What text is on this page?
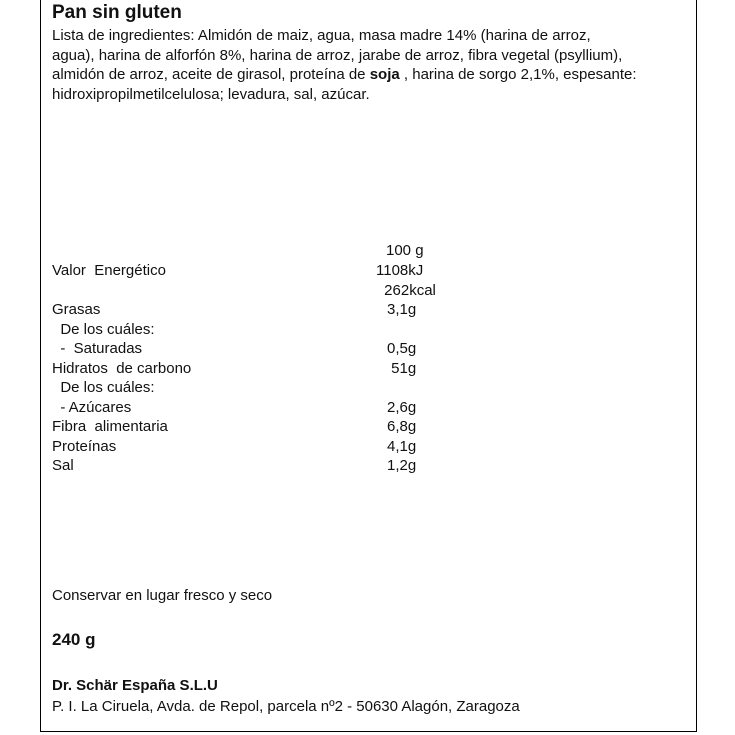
Pan sin gluten
Lista de ingredientes: Almidón de maiz, agua, masa madre 14% (harina de arroz, agua), harina de alforfón 8%, harina de arroz, jarabe de arroz, fibra vegetal (psyllium), almidón de arroz, aceite de girasol, proteína de soja , harina de sorgo 2,1%, espesante: hidroxipropilmetilcelulosa; levadura, sal, azúcar.
100 g
Valor  Energético	1108kJ
262kcal
Grasas	3,1g
De los cuáles:
-  Saturadas	0,5g
Hidratos  de carbono	51g
De los cuáles:
- Azúcares	2,6g
Fibra  alimentaria	6,8g
Proteínas	4,1g
Sal	1,2g
Conservar en lugar fresco y seco
240 g
Dr. Schär España S.L.U
P. I. La Ciruela, Avda. de Repol, parcela nº2 - 50630 Alagón, Zaragoza
